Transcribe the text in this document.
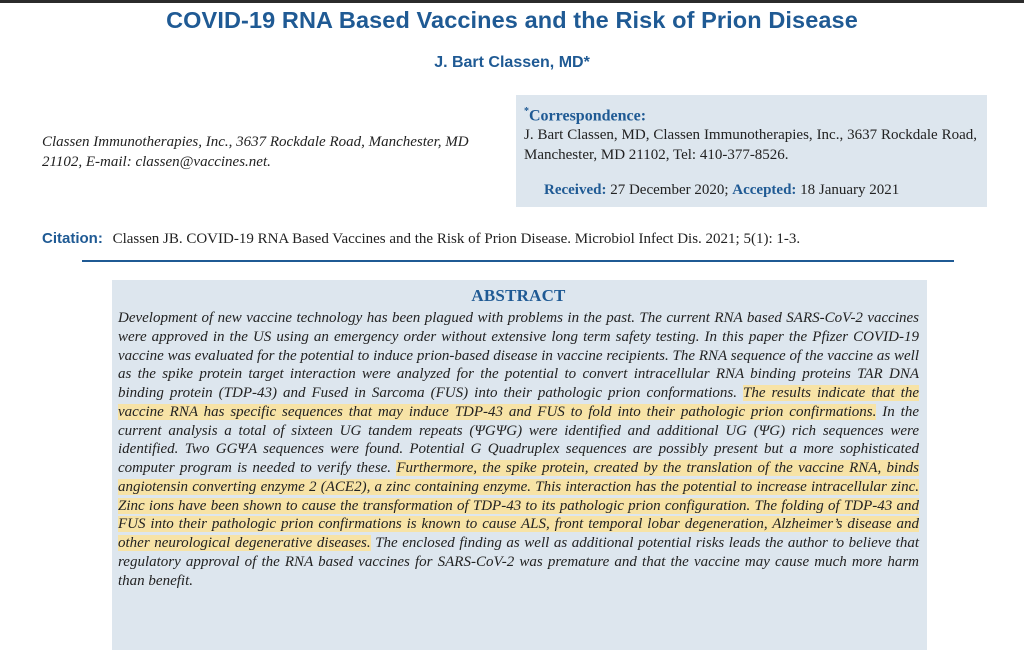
COVID-19 RNA Based Vaccines and the Risk of Prion Disease
J. Bart Classen, MD*
Classen Immunotherapies, Inc., 3637 Rockdale Road, Manchester, MD 21102, E-mail: classen@vaccines.net.
*Correspondence:
J. Bart Classen, MD, Classen Immunotherapies, Inc., 3637 Rockdale Road, Manchester, MD 21102, Tel: 410-377-8526.
Received: 27 December 2020; Accepted: 18 January 2021
Citation: Classen JB. COVID-19 RNA Based Vaccines and the Risk of Prion Disease. Microbiol Infect Dis. 2021; 5(1): 1-3.
ABSTRACT
Development of new vaccine technology has been plagued with problems in the past. The current RNA based SARS-CoV-2 vaccines were approved in the US using an emergency order without extensive long term safety testing. In this paper the Pfizer COVID-19 vaccine was evaluated for the potential to induce prion-based disease in vaccine recipients. The RNA sequence of the vaccine as well as the spike protein target interaction were analyzed for the potential to convert intracellular RNA binding proteins TAR DNA binding protein (TDP-43) and Fused in Sarcoma (FUS) into their pathologic prion conformations. The results indicate that the vaccine RNA has specific sequences that may induce TDP-43 and FUS to fold into their pathologic prion confirmations. In the current analysis a total of sixteen UG tandem repeats (ΨGΨG) were identified and additional UG (ΨG) rich sequences were identified. Two GGΨA sequences were found. Potential G Quadruplex sequences are possibly present but a more sophisticated computer program is needed to verify these. Furthermore, the spike protein, created by the translation of the vaccine RNA, binds angiotensin converting enzyme 2 (ACE2), a zinc containing enzyme. This interaction has the potential to increase intracellular zinc. Zinc ions have been shown to cause the transformation of TDP-43 to its pathologic prion configuration. The folding of TDP-43 and FUS into their pathologic prion confirmations is known to cause ALS, front temporal lobar degeneration, Alzheimer’s disease and other neurological degenerative diseases. The enclosed finding as well as additional potential risks leads the author to believe that regulatory approval of the RNA based vaccines for SARS-CoV-2 was premature and that the vaccine may cause much more harm than benefit.
